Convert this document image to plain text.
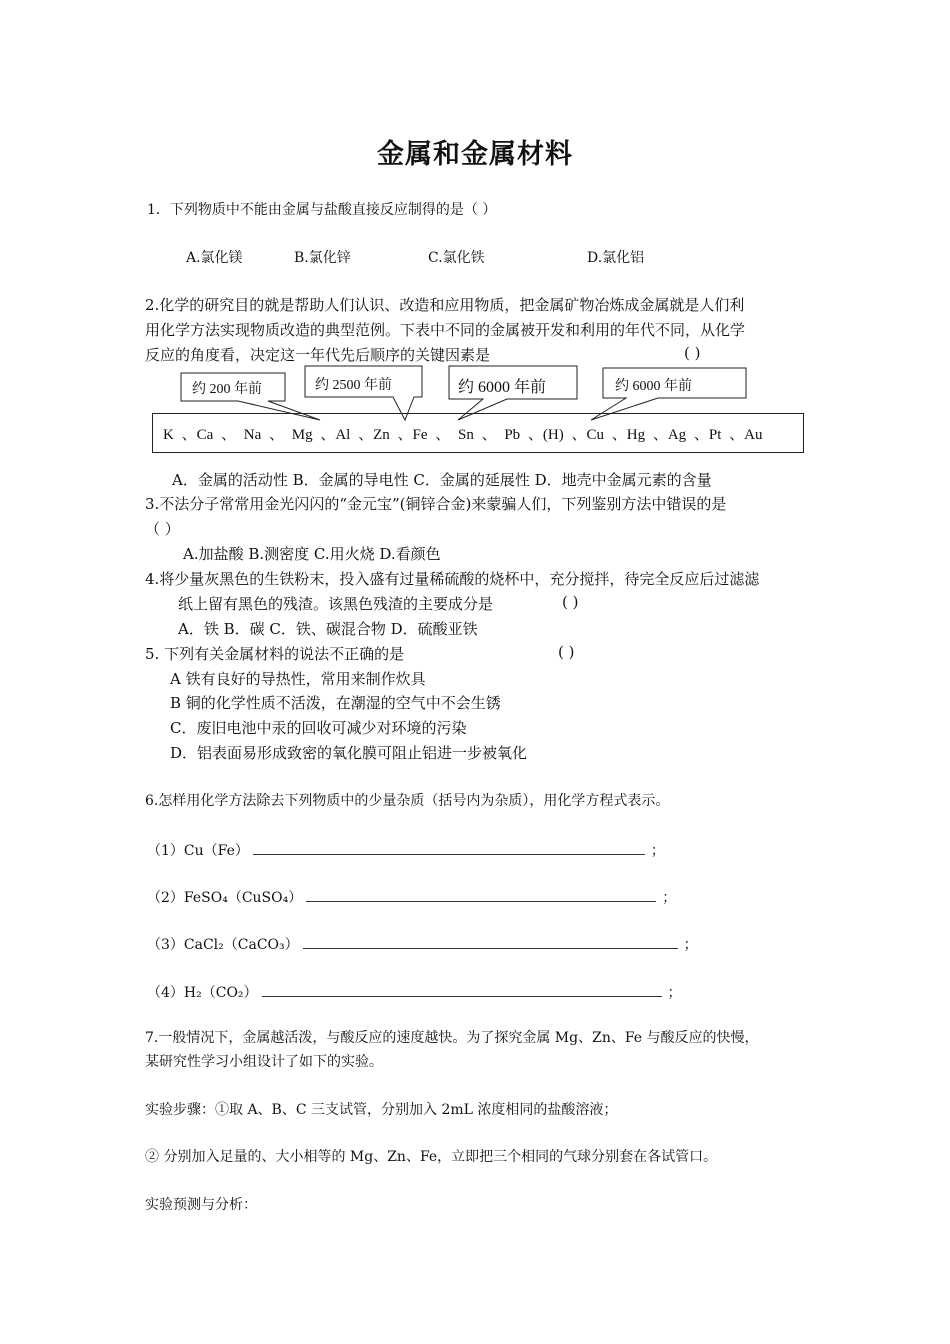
金属和金属材料
1．下列物质中不能由金属与盐酸直接反应制得的是（ ）
A.氯化镁	B.氯化锌	C.氯化铁	D.氯化铝
2.化学的研究目的就是帮助人们认识、改造和应用物质，把金属矿物冶炼成金属就是人们利
用化学方法实现物质改造的典型范例。下表中不同的金属被开发和利用的年代不同，从化学
反应的角度看，决定这一年代先后顺序的关键因素是	( )
约 200 年前	约 2500 年前	约 6000 年前	约 6000 年前
K 、Ca 、 Na 、 Mg 、Al 、Zn 、Fe 、 Sn 、 Pb 、(H) 、Cu 、Hg 、Ag 、Pt 、Au
A．金属的活动性 B．金属的导电性 C．金属的延展性 D．地壳中金属元素的含量
3.不法分子常常用金光闪闪的“金元宝”(铜锌合金)来蒙骗人们，下列鉴别方法中错误的是
（ ）
A.加盐酸 B.测密度 C.用火烧 D.看颜色
4.将少量灰黑色的生铁粉末，投入盛有过量稀硫酸的烧杯中，充分搅拌，待完全反应后过滤滤
纸上留有黑色的残渣。该黑色残渣的主要成分是	( )
A．铁 B．碳 C．铁、碳混合物 D．硫酸亚铁
5. 下列有关金属材料的说法不正确的是	( )
A 铁有良好的导热性，常用来制作炊具
B 铜的化学性质不活泼，在潮湿的空气中不会生锈
C．废旧电池中汞的回收可减少对环境的污染
D．铝表面易形成致密的氧化膜可阻止铝进一步被氧化
6.怎样用化学方法除去下列物质中的少量杂质（括号内为杂质），用化学方程式表示。
（1）Cu（Fe）	；
（2）FeSO₄（CuSO₄）	；
（3）CaCl₂（CaCO₃）	；
（4）H₂（CO₂）	；
7.一般情况下，金属越活泼，与酸反应的速度越快。为了探究金属 Mg、Zn、Fe 与酸反应的快慢，
某研究性学习小组设计了如下的实验。
实验步骤：①取 A、B、C 三支试管，分别加入 2mL 浓度相同的盐酸溶液；
② 分别加入足量的、大小相等的 Mg、Zn、Fe，立即把三个相同的气球分别套在各试管口。
实验预测与分析：
